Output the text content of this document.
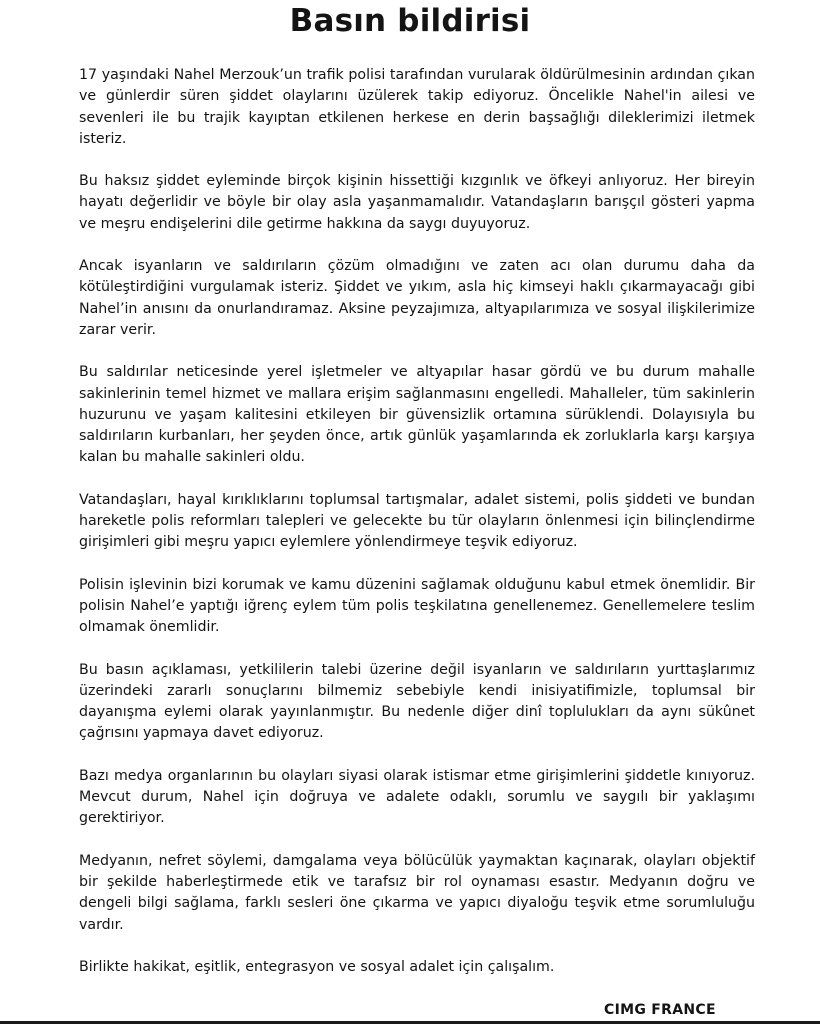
Basın bildirisi

17 yaşındaki Nahel Merzouk’un trafik polisi tarafından vurularak öldürülmesinin ardından çıkan ve günlerdir süren şiddet olaylarını üzülerek takip ediyoruz. Öncelikle Nahel'in ailesi ve sevenleri ile bu trajik kayıptan etkilenen herkese en derin başsağlığı dileklerimizi iletmek isteriz.

Bu haksız şiddet eyleminde birçok kişinin hissettiği kızgınlık ve öfkeyi anlıyoruz. Her bireyin hayatı değerlidir ve böyle bir olay asla yaşanmamalıdır. Vatandaşların barışçıl gösteri yapma ve meşru endişelerini dile getirme hakkına da saygı duyuyoruz.

Ancak isyanların ve saldırıların çözüm olmadığını ve zaten acı olan durumu daha da kötüleştirdiğini vurgulamak isteriz. Şiddet ve yıkım, asla hiç kimseyi haklı çıkarmayacağı gibi Nahel’in anısını da onurlandıramaz. Aksine peyzajımıza, altyapılarımıza ve sosyal ilişkilerimize zarar verir.

Bu saldırılar neticesinde yerel işletmeler ve altyapılar hasar gördü ve bu durum mahalle sakinlerinin temel hizmet ve mallara erişim sağlanmasını engelledi. Mahalleler, tüm sakinlerin huzurunu ve yaşam kalitesini etkileyen bir güvensizlik ortamına sürüklendi. Dolayısıyla bu saldırıların kurbanları, her şeyden önce, artık günlük yaşamlarında ek zorluklarla karşı karşıya kalan bu mahalle sakinleri oldu.

Vatandaşları, hayal kırıklıklarını toplumsal tartışmalar, adalet sistemi, polis şiddeti ve bundan hareketle polis reformları talepleri ve gelecekte bu tür olayların önlenmesi için bilinçlendirme girişimleri gibi meşru yapıcı eylemlere yönlendirmeye teşvik ediyoruz.

Polisin işlevinin bizi korumak ve kamu düzenini sağlamak olduğunu kabul etmek önemlidir. Bir polisin Nahel’e yaptığı iğrenç eylem tüm polis teşkilatına genellenemez. Genellemelere teslim olmamak önemlidir.

Bu basın açıklaması, yetkililerin talebi üzerine değil isyanların ve saldırıların yurttaşlarımız üzerindeki zararlı sonuçlarını bilmemiz sebebiyle kendi inisiyatifimizle, toplumsal bir dayanışma eylemi olarak yayınlanmıştır. Bu nedenle diğer dinî toplulukları da aynı sükûnet çağrısını yapmaya davet ediyoruz.

Bazı medya organlarının bu olayları siyasi olarak istismar etme girişimlerini şiddetle kınıyoruz. Mevcut durum, Nahel için doğruya ve adalete odaklı, sorumlu ve saygılı bir yaklaşımı gerektiriyor.

Medyanın, nefret söylemi, damgalama veya bölücülük yaymaktan kaçınarak, olayları objektif bir şekilde haberleştirmede etik ve tarafsız bir rol oynaması esastır. Medyanın doğru ve dengeli bilgi sağlama, farklı sesleri öne çıkarma ve yapıcı diyaloğu teşvik etme sorumluluğu vardır.

Birlikte hakikat, eşitlik, entegrasyon ve sosyal adalet için çalışalım.

CIMG FRANCE
